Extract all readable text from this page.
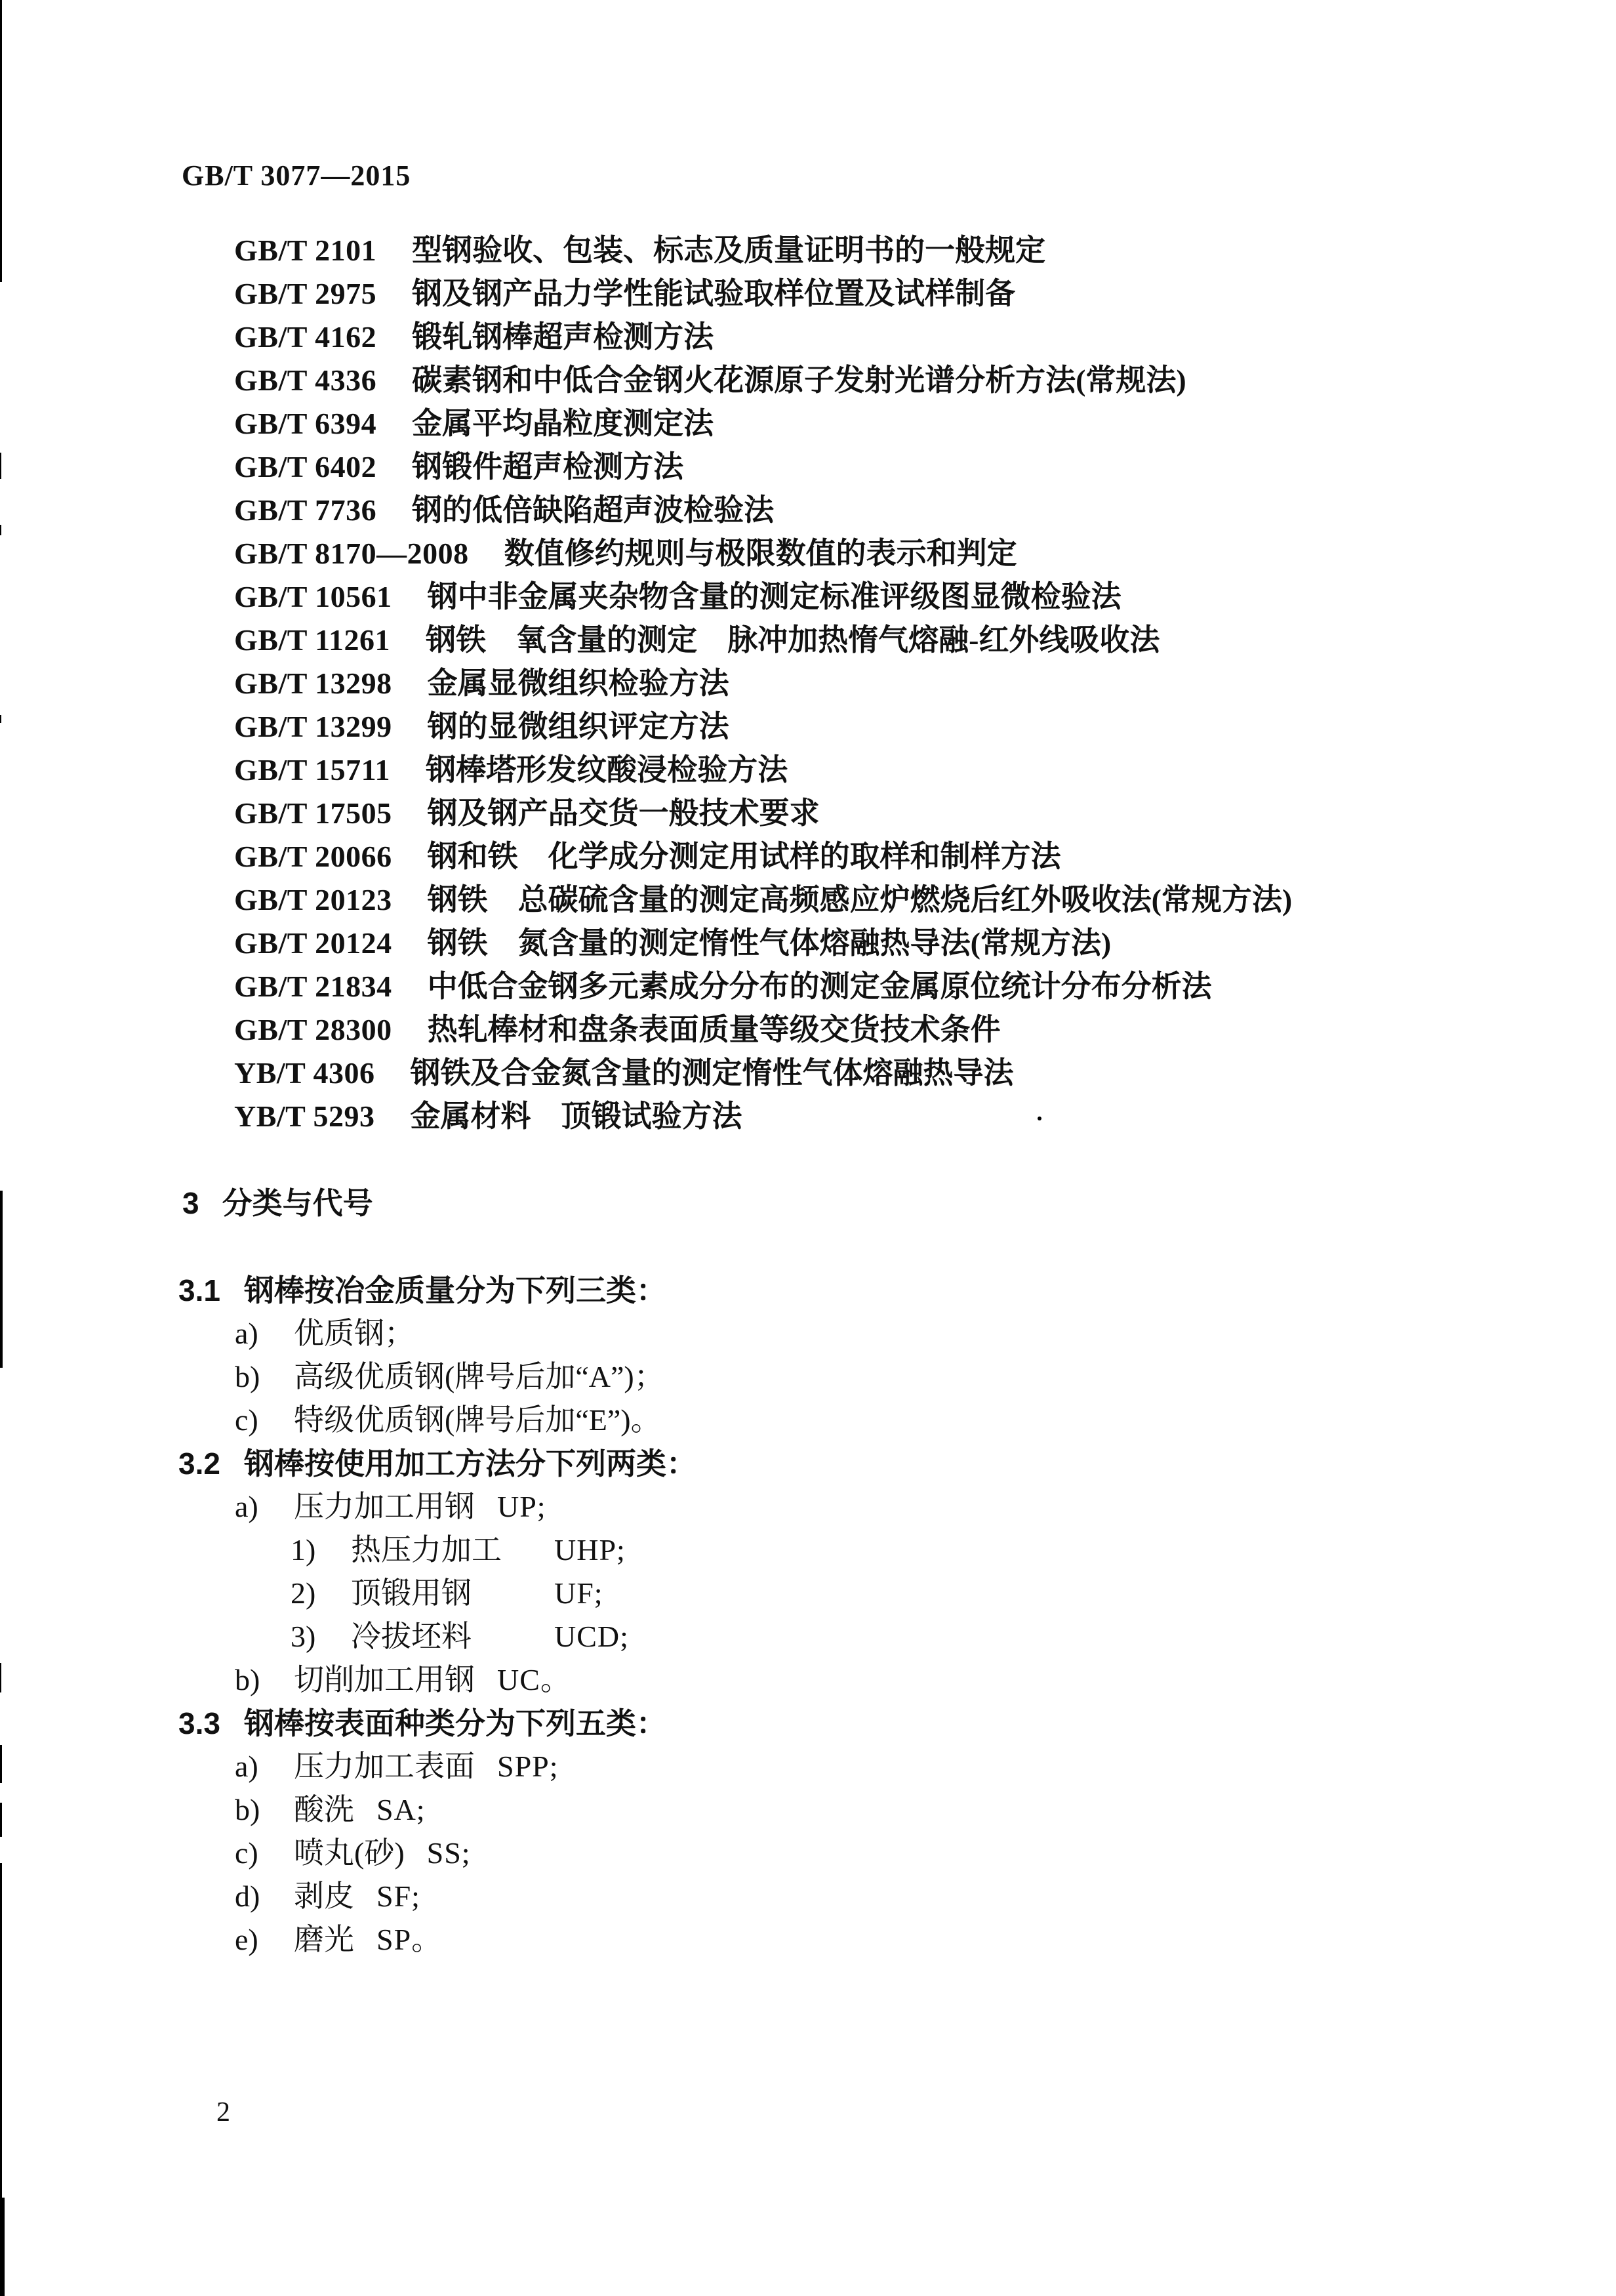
GB/T 3077—2015
GB/T 2101 型钢验收、包装、标志及质量证明书的一般规定
GB/T 2975 钢及钢产品力学性能试验取样位置及试样制备
GB/T 4162 锻轧钢棒超声检测方法
GB/T 4336 碳素钢和中低合金钢火花源原子发射光谱分析方法(常规法)
GB/T 6394 金属平均晶粒度测定法
GB/T 6402 钢锻件超声检测方法
GB/T 7736 钢的低倍缺陷超声波检验法
GB/T 8170—2008 数值修约规则与极限数值的表示和判定
GB/T 10561 钢中非金属夹杂物含量的测定标准评级图显微检验法
GB/T 11261 钢铁　氧含量的测定　脉冲加热惰气熔融-红外线吸收法
GB/T 13298 金属显微组织检验方法
GB/T 13299 钢的显微组织评定方法
GB/T 15711 钢棒塔形发纹酸浸检验方法
GB/T 17505 钢及钢产品交货一般技术要求
GB/T 20066 钢和铁　化学成分测定用试样的取样和制样方法
GB/T 20123 钢铁　总碳硫含量的测定高频感应炉燃烧后红外吸收法(常规方法)
GB/T 20124 钢铁　氮含量的测定惰性气体熔融热导法(常规方法)
GB/T 21834 中低合金钢多元素成分分布的测定金属原位统计分布分析法
GB/T 28300 热轧棒材和盘条表面质量等级交货技术条件
YB/T 4306 钢铁及合金氮含量的测定惰性气体熔融热导法
YB/T 5293 金属材料　顶锻试验方法
3 分类与代号
3.1 钢棒按冶金质量分为下列三类：
a) 优质钢；
b) 高级优质钢(牌号后加“A”)；
c) 特级优质钢(牌号后加“E”)。
3.2 钢棒按使用加工方法分下列两类：
a) 压力加工用钢 UP;
1) 热压力加工 UHP;
2) 顶锻用钢	UF;
3) 冷拔坯料	UCD;
b) 切削加工用钢 UC。
3.3 钢棒按表面种类分为下列五类：
a) 压力加工表面 SPP;
b) 酸洗 SA;
c) 喷丸(砂) SS;
d) 剥皮 SF;
e) 磨光 SP。
2
